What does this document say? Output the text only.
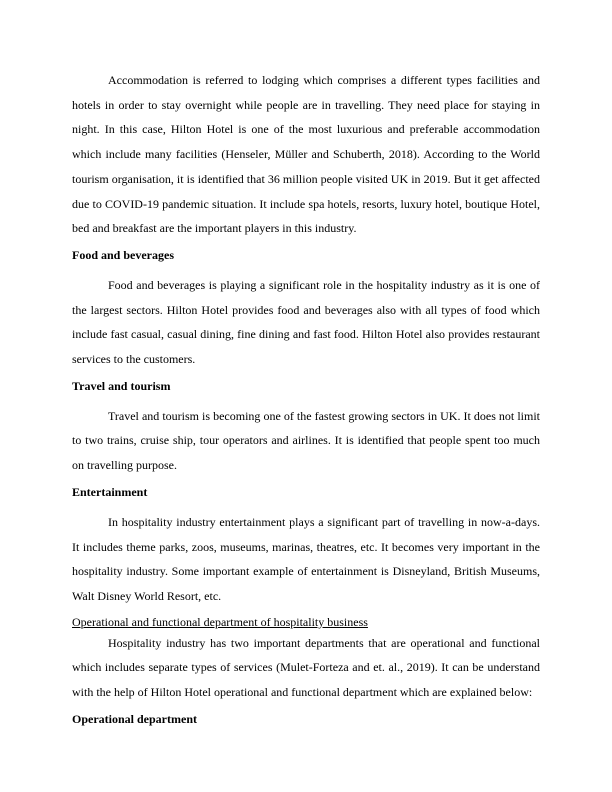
Accommodation is referred to lodging which comprises a different types facilities and hotels in order to stay overnight while people are in travelling. They need place for staying in night. In this case, Hilton Hotel is one of the most luxurious and preferable accommodation which include many facilities (Henseler, Müller and Schuberth, 2018). According to the World tourism organisation, it is identified that 36 million people visited UK in 2019. But it get affected due to COVID-19 pandemic situation. It include spa hotels, resorts, luxury hotel, boutique Hotel, bed and breakfast are the important players in this industry.

Food and beverages

Food and beverages is playing a significant role in the hospitality industry as it is one of the largest sectors. Hilton Hotel provides food and beverages also with all types of food which include fast casual, casual dining, fine dining and fast food. Hilton Hotel also provides restaurant services to the customers.

Travel and tourism

Travel and tourism is becoming one of the fastest growing sectors in UK. It does not limit to two trains, cruise ship, tour operators and airlines. It is identified that people spent too much on travelling purpose.

Entertainment

In hospitality industry entertainment plays a significant part of travelling in now-a-days. It includes theme parks, zoos, museums, marinas, theatres, etc. It becomes very important in the hospitality industry. Some important example of entertainment is Disneyland, British Museums, Walt Disney World Resort, etc.

Operational and functional department of hospitality business

Hospitality industry has two important departments that are operational and functional which includes separate types of services (Mulet-Forteza and et. al., 2019). It can be understand with the help of Hilton Hotel operational and functional department which are explained below:

Operational department
